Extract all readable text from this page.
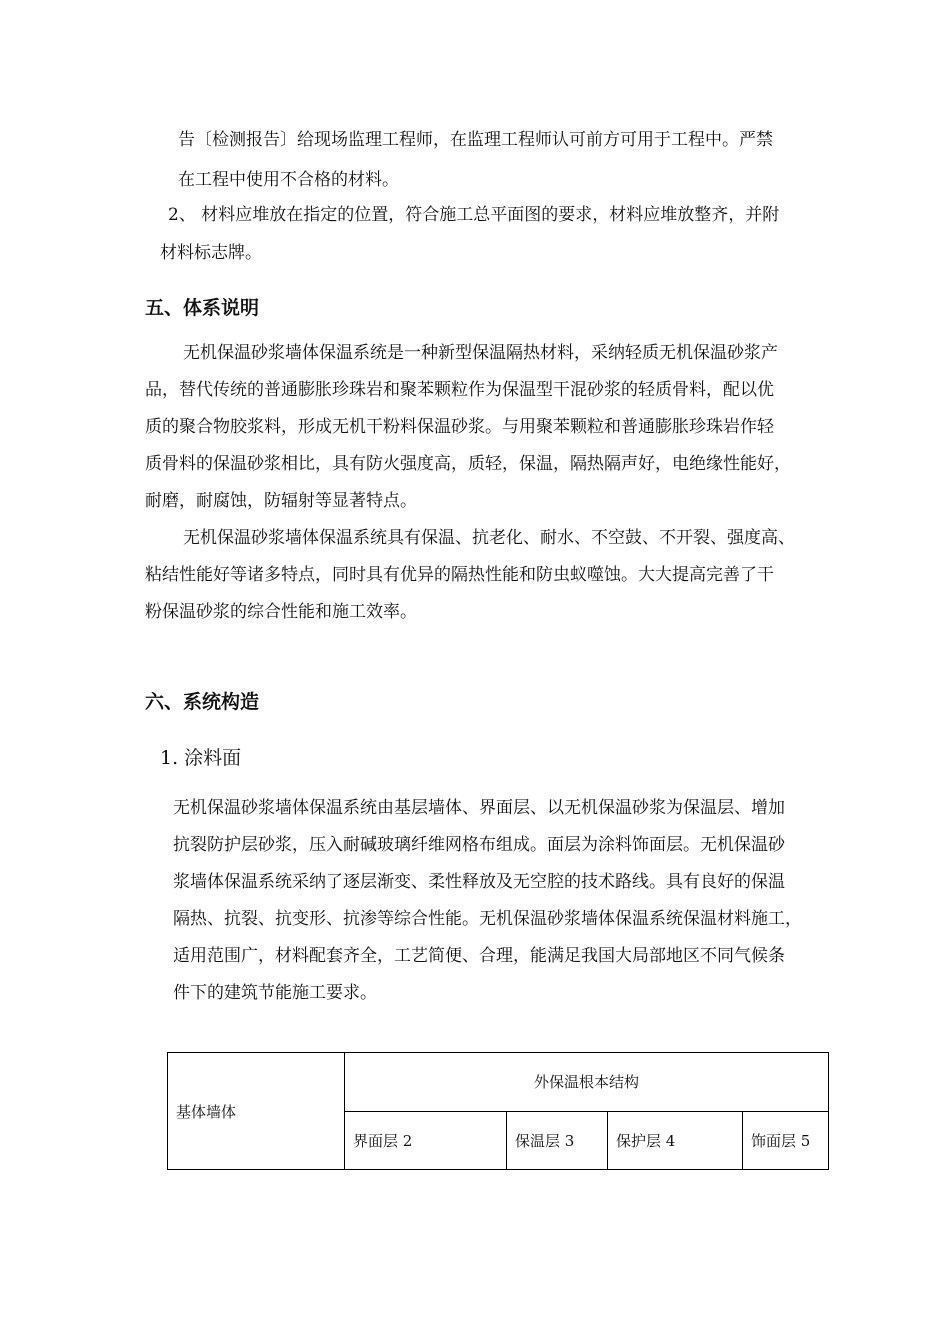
告〔检测报告〕给现场监理工程师，在监理工程师认可前方可用于工程中。严禁
在工程中使用不合格的材料。
2、 材料应堆放在指定的位置，符合施工总平面图的要求，材料应堆放整齐，并附
材料标志牌。
五、体系说明
无机保温砂浆墙体保温系统是一种新型保温隔热材料，采纳轻质无机保温砂浆产
品，替代传统的普通膨胀珍珠岩和聚苯颗粒作为保温型干混砂浆的轻质骨料，配以优
质的聚合物胶浆料，形成无机干粉料保温砂浆。与用聚苯颗粒和普通膨胀珍珠岩作轻
质骨料的保温砂浆相比，具有防火强度高，质轻，保温，隔热隔声好，电绝缘性能好，
耐磨，耐腐蚀，防辐射等显著特点。
无机保温砂浆墙体保温系统具有保温、抗老化、耐水、不空鼓、不开裂、强度高、
粘结性能好等诸多特点，同时具有优异的隔热性能和防虫蚁噬蚀。大大提高完善了干
粉保温砂浆的综合性能和施工效率。
六、系统构造
1. 涂料面
无机保温砂浆墙体保温系统由基层墙体、界面层、以无机保温砂浆为保温层、增加
抗裂防护层砂浆，压入耐碱玻璃纤维网格布组成。面层为涂料饰面层。无机保温砂
浆墙体保温系统采纳了逐层渐变、柔性释放及无空腔的技术路线。具有良好的保温
隔热、抗裂、抗变形、抗渗等综合性能。无机保温砂浆墙体保温系统保温材料施工，
适用范围广，材料配套齐全，工艺简便、合理，能满足我国大局部地区不同气候条
件下的建筑节能施工要求。
基体墙体	外保温根本结构			
	界面层 2	保温层 3	保护层 4	饰面层 5
